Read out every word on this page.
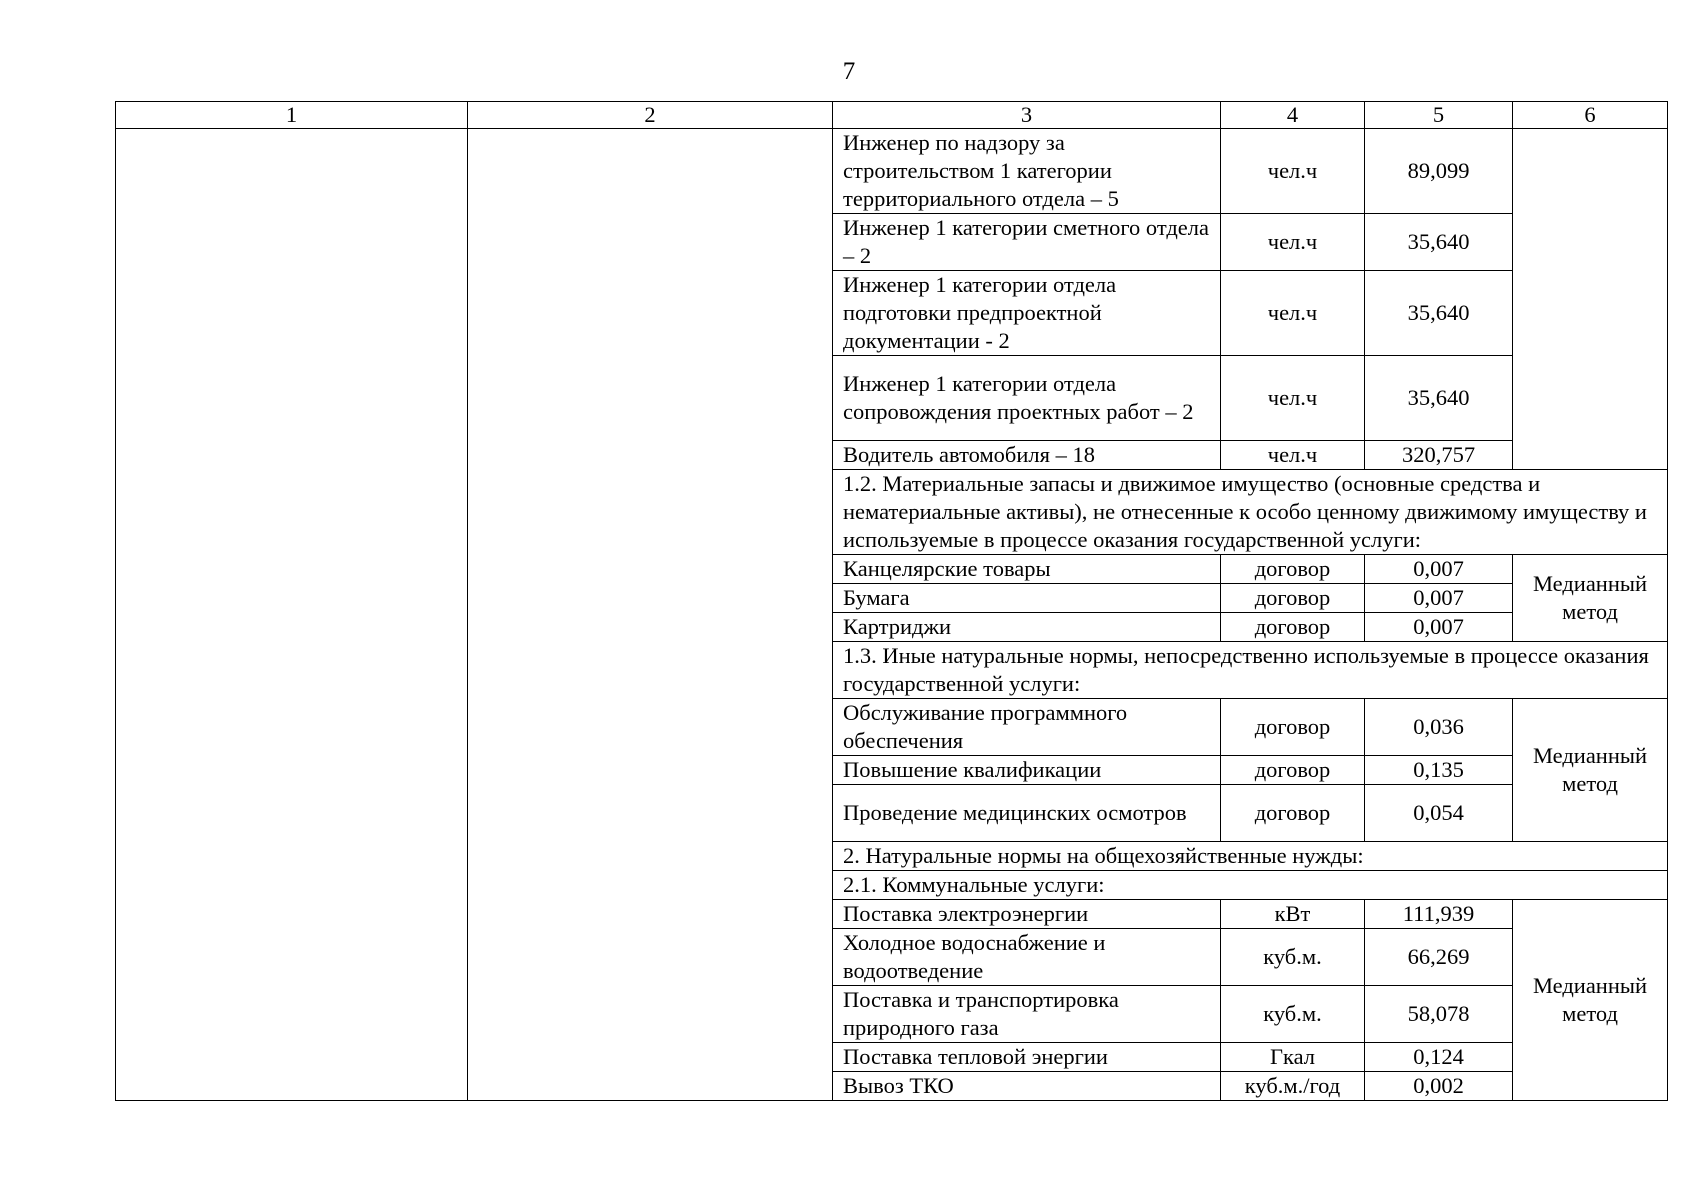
7
1	2	3	4	5	6
		Инженер по надзору за строительством 1 категории территориального отдела – 5	чел.ч	89,099	
		Инженер 1 категории сметного отдела – 2	чел.ч	35,640	
		Инженер 1 категории отдела подготовки предпроектной документации - 2	чел.ч	35,640	
		Инженер 1 категории отдела сопровождения проектных работ – 2	чел.ч	35,640	
		Водитель автомобиля – 18	чел.ч	320,757	
		1.2. Материальные запасы и движимое имущество (основные средства и нематериальные активы), не отнесенные к особо ценному движимому имуществу и используемые в процессе оказания государственной услуги:			
		Канцелярские товары	договор	0,007	Медианный метод
		Бумага	договор	0,007	
		Картриджи	договор	0,007	
		1.3. Иные натуральные нормы, непосредственно используемые в процессе оказания государственной услуги:			
		Обслуживание программного обеспечения	договор	0,036	Медианный метод
		Повышение квалификации	договор	0,135	
		Проведение медицинских осмотров	договор	0,054	
		2. Натуральные нормы на общехозяйственные нужды:			
		2.1. Коммунальные услуги:			
		Поставка электроэнергии	кВт	111,939	Медианный метод
		Холодное водоснабжение и водоотведение	куб.м.	66,269	
		Поставка и транспортировка природного газа	куб.м.	58,078	
		Поставка тепловой энергии	Гкал	0,124	
		Вывоз ТКО	куб.м./год	0,002	
